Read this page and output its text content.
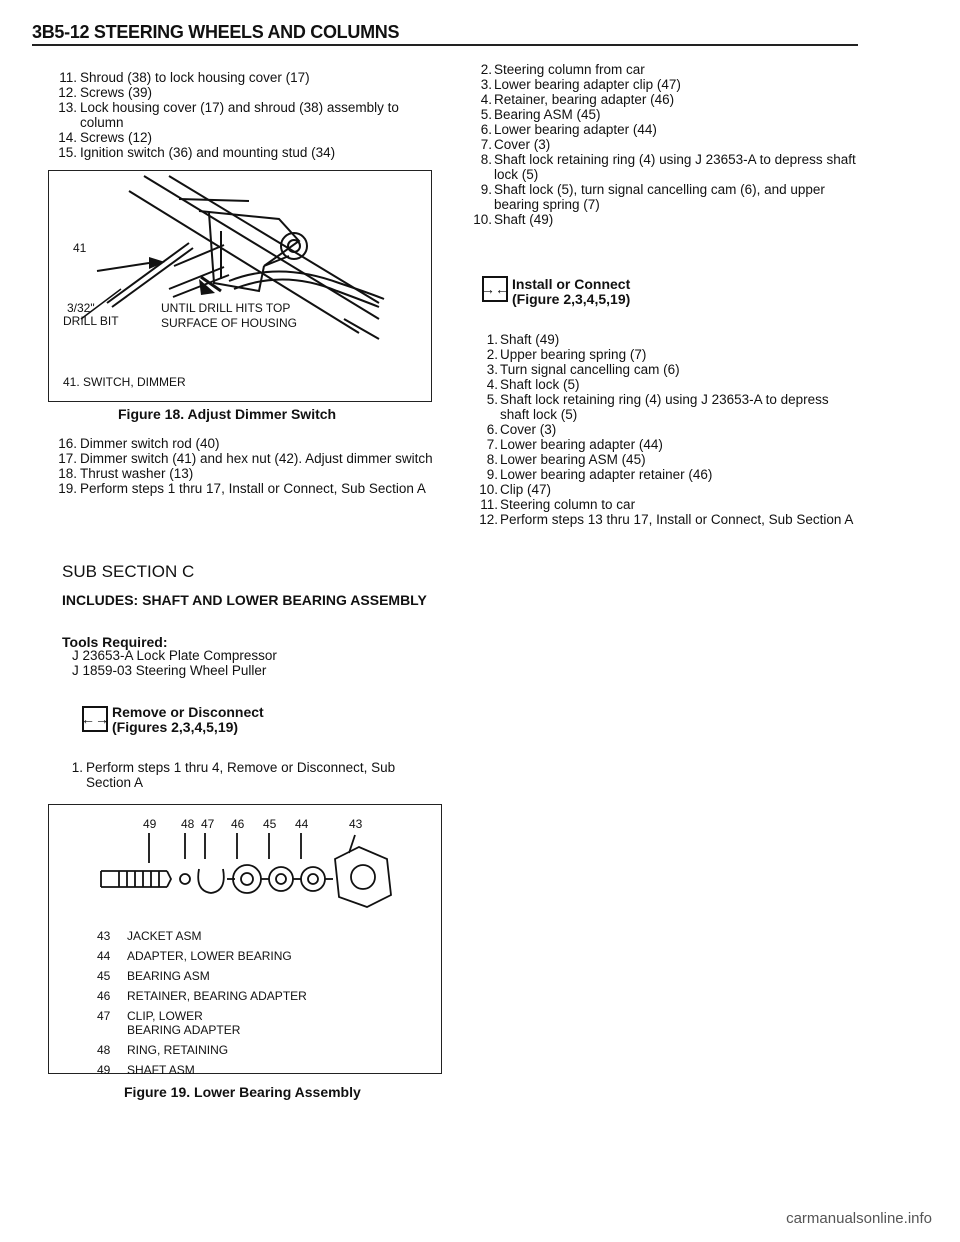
3B5-12 STEERING WHEELS AND COLUMNS
11. Shroud (38) to lock housing cover (17)
12. Screws (39)
13. Lock housing cover (17) and shroud (38) assembly to column
14. Screws (12)
15. Ignition switch (36) and mounting stud (34)
41
3/32"
DRILL BIT
UNTIL DRILL HITS TOP
SURFACE OF HOUSING
41. SWITCH, DIMMER
Figure 18. Adjust Dimmer Switch
16. Dimmer switch rod (40)
17. Dimmer switch (41) and hex nut (42). Adjust dimmer switch
18. Thrust washer (13)
19. Perform steps 1 thru 17, Install or Connect, Sub Section A
SUB SECTION C
INCLUDES: SHAFT AND LOWER BEARING ASSEMBLY
Tools Required:
J 23653-A Lock Plate Compressor
J 1859-03 Steering Wheel Puller
←→ Remove or Disconnect
(Figures 2,3,4,5,19)
1. Perform steps 1 thru 4, Remove or Disconnect, Sub Section A
49 48 47 46 45 44	43
43	JACKET ASM
44	ADAPTER, LOWER BEARING
45	BEARING ASM
46	RETAINER, BEARING ADAPTER
47	CLIP, LOWER BEARING ADAPTER
48	RING, RETAINING
49	SHAFT ASM
Figure 19. Lower Bearing Assembly
2. Steering column from car
3. Lower bearing adapter clip (47)
4. Retainer, bearing adapter (46)
5. Bearing ASM (45)
6. Lower bearing adapter (44)
7. Cover (3)
8. Shaft lock retaining ring (4) using J 23653-A to depress shaft lock (5)
9. Shaft lock (5), turn signal cancelling cam (6), and upper bearing spring (7)
10. Shaft (49)
→← Install or Connect
(Figure 2,3,4,5,19)
1. Shaft (49)
2. Upper bearing spring (7)
3. Turn signal cancelling cam (6)
4. Shaft lock (5)
5. Shaft lock retaining ring (4) using J 23653-A to depress shaft lock (5)
6. Cover (3)
7. Lower bearing adapter (44)
8. Lower bearing ASM (45)
9. Lower bearing adapter retainer (46)
10. Clip (47)
11. Steering column to car
12. Perform steps 13 thru 17, Install or Connect, Sub Section A
carmanualsonline.info
